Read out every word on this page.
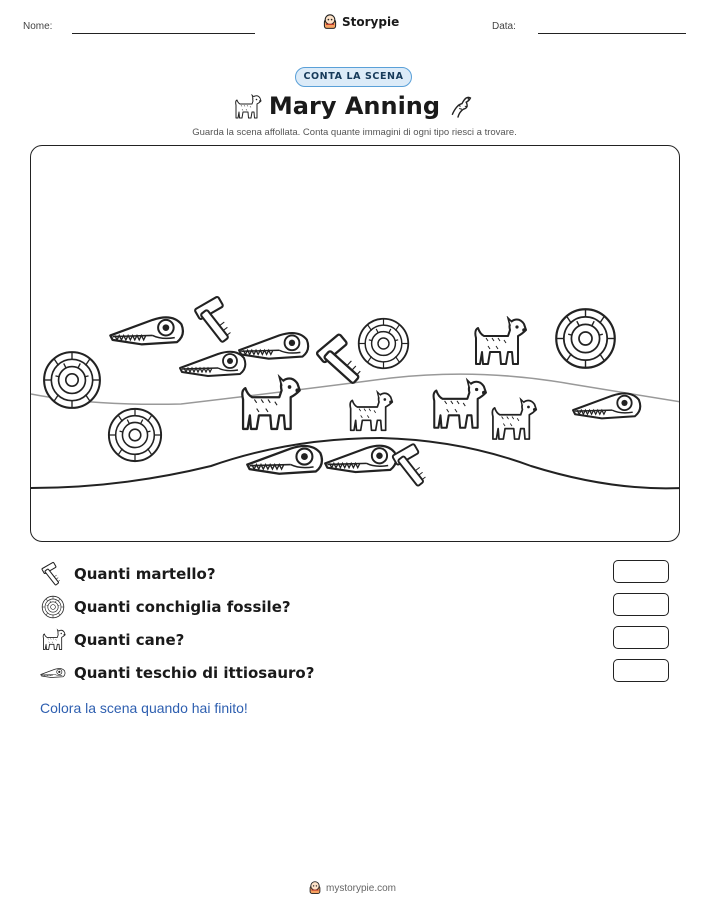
Nome:	Storypie	Data:
CONTA LA SCENA
Mary Anning
Guarda la scena affollata. Conta quante immagini di ogni tipo riesci a trovare.
Quanti martello?
Quanti conchiglia fossile?
Quanti cane?
Quanti teschio di ittiosauro?
Colora la scena quando hai finito!
mystorypie.com
